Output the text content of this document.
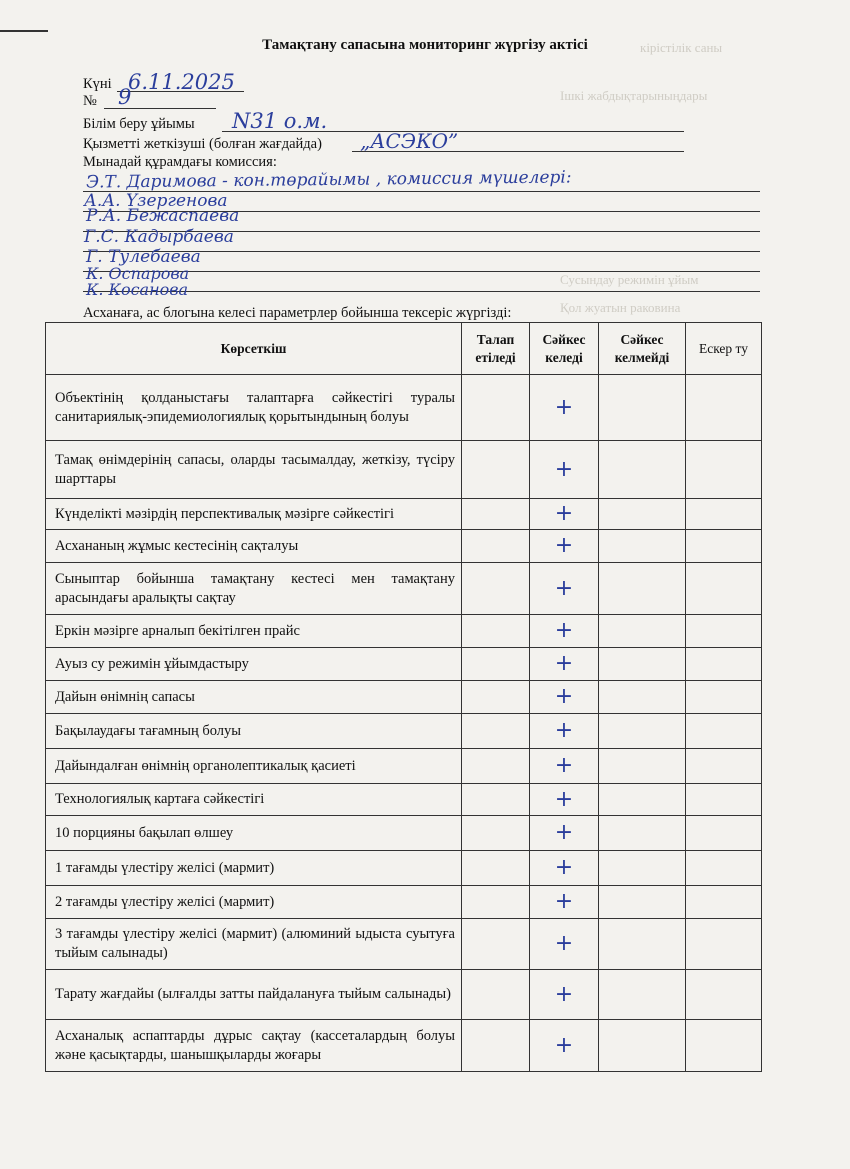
кірістілік саны
Ішкі жабдықтарыныңдары
Сусындау режимін ұйым
Қол жуатын раковина
Тамақтану сапасына мониторинг жүргізу актісі
Күні 6.11.2025
№ 9
Білім беру ұйымы N31 о.м.
Қызметті жеткізуші (болған жағдайда) „АСЭКО”
Мынадай құрамдағы комиссия:
Э.Т. Даримова - кон.төрайымы , комиссия мүшелері:
А.А. Үзергенова
Р.А. Бежаспаева
Г.С. Кадырбаева
Г. Тулебаева
К. Оспарова
К. Косанова
Асханаға, ас блогына келесі параметрлер бойынша тексеріс жүргізді:
Көрсеткіш	Талап етіледі	Сәйкес келеді	Сәйкес келмейді	Ескер ту
Объектінің қолданыстағы талаптарға сәйкестігі туралы санитариялық-эпидемиологиялық қорытындының болуы		+		
Тамақ өнімдерінің сапасы, оларды тасымалдау, жеткізу, түсіру шарттары		+		
Күнделікті мәзірдің перспективалық мәзірге сәйкестігі		+		
Асхананың жұмыс кестесінің сақталуы		+		
Сыныптар бойынша тамақтану кестесі мен тамақтану арасындағы аралықты сақтау		+		
Еркін мәзірге арналып бекітілген прайс		+		
Ауыз су режимін ұйымдастыру		+		
Дайын өнімнің сапасы		+		
Бақылаудағы тағамның болуы		+		
Дайындалған өнімнің органолептикалық қасиеті		+		
Технологиялық картаға сәйкестігі		+		
10 порцияны бақылап өлшеу		+		
1 тағамды үлестіру желісі (мармит)		+		
2 тағамды үлестіру желісі (мармит)		+		
3 тағамды үлестіру желісі (мармит) (алюминий ыдыста суытуға тыйым салынады)		+		
Тарату жағдайы (ылғалды затты пайдалануға тыйым салынады)		+		
Асханалық аспаптарды дұрыс сақтау (кассеталардың болуы және қасықтарды, шанышқыларды жоғары		+		
